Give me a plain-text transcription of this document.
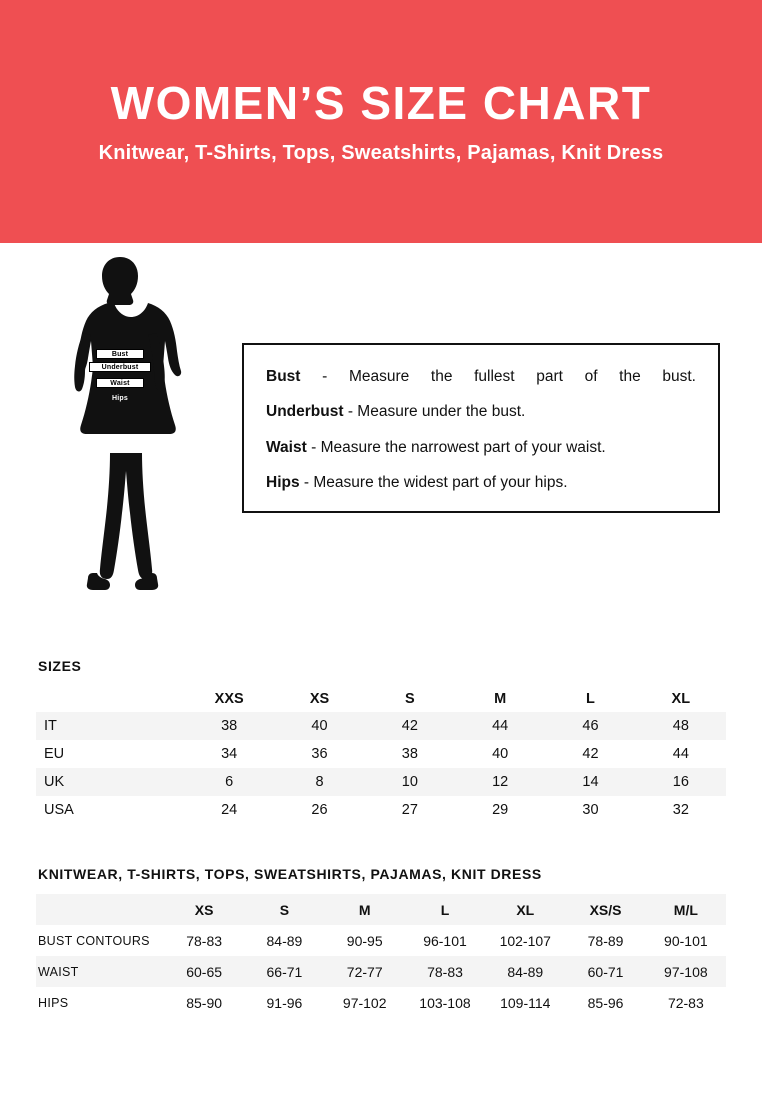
WOMEN’S SIZE CHART
Knitwear, T-Shirts, Tops, Sweatshirts, Pajamas, Knit Dress
Bust
Underbust
Waist
Hips
Bust - Measure the fullest part of the bust.
Underbust - Measure under the bust.
Waist - Measure the narrowest part of your waist.
Hips - Measure the widest part of your hips.
SIZES
	XXS	XS	S	M	L	XL
IT	38	40	42	44	46	48
EU	34	36	38	40	42	44
UK	6	8	10	12	14	16
USA	24	26	27	29	30	32
KNITWEAR, T-SHIRTS, TOPS, SWEATSHIRTS, PAJAMAS, KNIT DRESS
	XS	S	M	L	XL	XS/S	M/L
BUST CONTOURS	78-83	84-89	90-95	96-101	102-107	78-89	90-101
WAIST	60-65	66-71	72-77	78-83	84-89	60-71	97-108
HIPS	85-90	91-96	97-102	103-108	109-114	85-96	72-83
